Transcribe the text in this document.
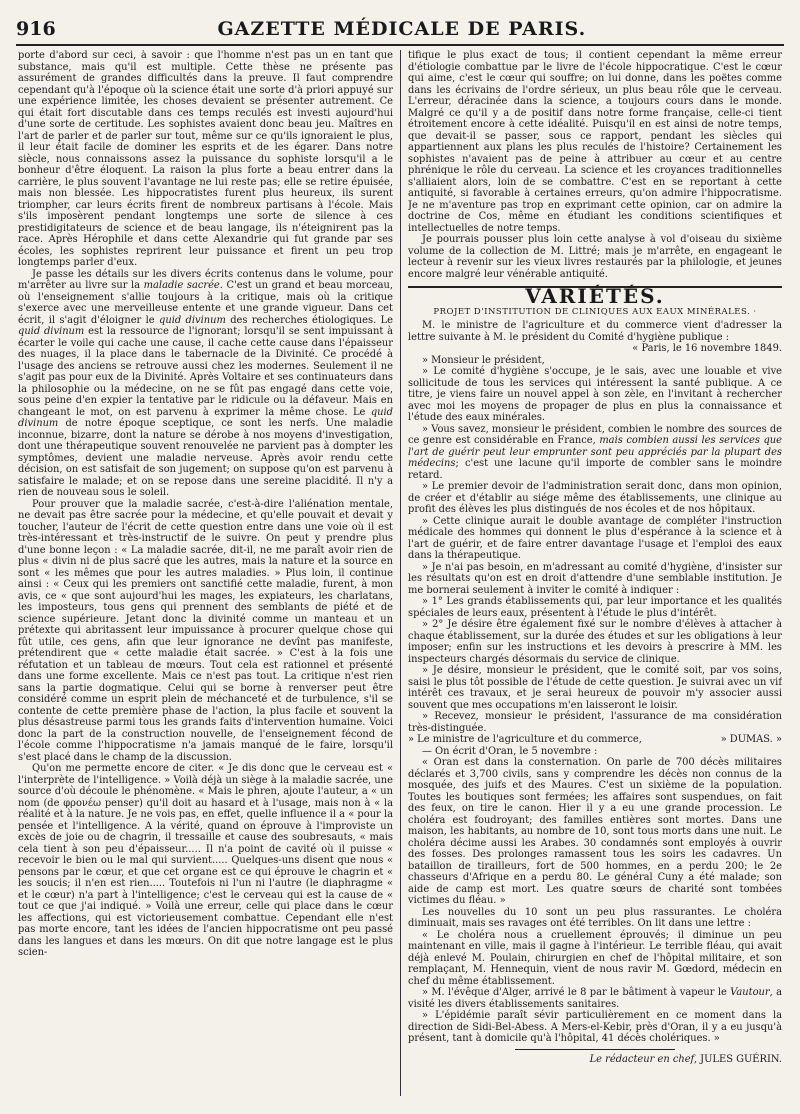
916	GAZETTE MÉDICALE DE PARIS.

porte d'abord sur ceci, à savoir : que l'homme n'est pas un en tant que substance, mais qu'il est multiple. Cette thèse ne présente pas assurément de grandes difficultés dans la preuve. Il faut comprendre cependant qu'à l'époque où la science était une sorte d'à priori appuyé sur une expérience limitée, les choses devaient se présenter autrement. Ce qui était fort discutable dans ces temps reculés est investi aujourd'hui d'une sorte de certitude. Les sophistes avaient donc beau jeu. Maîtres en l'art de parler et de parler sur tout, même sur ce qu'ils ignoraient le plus, il leur était facile de dominer les esprits et de les égarer. Dans notre siècle, nous connaissons assez la puissance du sophiste lorsqu'il a le bonheur d'être éloquent. La raison la plus forte a beau entrer dans la carrière, le plus souvent l'avantage ne lui reste pas; elle se retire épuisée, mais non blessée. Les hippocratistes furent plus heureux, ils surent triompher, car leurs écrits firent de nombreux partisans à l'école. Mais s'ils imposèrent pendant longtemps une sorte de silence à ces prestidigitateurs de science et de beau langage, ils n'éteignirent pas la race. Après Hérophile et dans cette Alexandrie qui fut grande par ses écoles, les sophistes reprirent leur puissance et firent un peu trop longtemps parler d'eux.

Je passe les détails sur les divers écrits contenus dans le volume, pour m'arrêter au livre sur la maladie sacrée. C'est un grand et beau morceau, où l'enseignement s'allie toujours à la critique, mais où la critique s'exerce avec une merveilleuse entente et une grande vigueur. Dans cet écrit, il s'agit d'éloigner le quid divinum des recherches étiologiques. Le quid divinum est la ressource de l'ignorant; lorsqu'il se sent impuissant à écarter le voile qui cache une cause, il cache cette cause dans l'épaisseur des nuages, il la place dans le tabernacle de la Divinité. Ce procédé à l'usage des anciens se retrouve aussi chez les modernes. Seulement il ne s'agit pas pour eux de la Divinité. Après Voltaire et ses continuateurs dans la philosophie ou la médecine, on ne se fût pas engagé dans cette voie, sous peine d'en expier la tentative par le ridicule ou la défaveur. Mais en changeant le mot, on est parvenu à exprimer la même chose. Le quid divinum de notre époque sceptique, ce sont les nerfs. Une maladie inconnue, bizarre, dont la nature se dérobe à nos moyens d'investigation, dont une thérapeutique souvent renouvelée ne parvient pas à dompter les symptômes, devient une maladie nerveuse. Après avoir rendu cette décision, on est satisfait de son jugement; on suppose qu'on est parvenu à satisfaire le malade; et on se repose dans une sereine placidité. Il n'y a rien de nouveau sous le soleil.

Pour prouver que la maladie sacrée, c'est-à-dire l'aliénation mentale, ne devait pas être sacrée pour la médecine, et qu'elle pouvait et devait y toucher, l'auteur de l'écrit de cette question entre dans une voie où il est très-intéressant et très-instructif de le suivre. On peut y prendre plus d'une bonne leçon : « La maladie sacrée, dit-il, ne me paraît avoir rien de plus « divin ni de plus sacré que les autres, mais la nature et la source en sont « les mêmes que pour les autres maladies. » Plus loin, il continue ainsi : « Ceux qui les premiers ont sanctifié cette maladie, furent, à mon avis, ce « que sont aujourd'hui les mages, les expiateurs, les charlatans, les imposteurs, tous gens qui prennent des semblants de piété et de science supérieure. Jetant donc la divinité comme un manteau et un prétexte qui abritassent leur impuissance à procurer quelque chose qui fût utile, ces gens, afin que leur ignorance ne devînt pas manifeste, prétendirent que « cette maladie était sacrée. » C'est à la fois une réfutation et un tableau de mœurs. Tout cela est rationnel et présenté dans une forme excellente. Mais ce n'est pas tout. La critique n'est rien sans la partie dogmatique. Celui qui se borne à renverser peut être considéré comme un esprit plein de méchanceté et de turbulence, s'il se contente de cette première phase de l'action, la plus facile et souvent la plus désastreuse parmi tous les grands faits d'intervention humaine. Voici donc la part de la construction nouvelle, de l'enseignement fécond de l'école comme l'hippocratisme n'a jamais manqué de le faire, lorsqu'il s'est placé dans le champ de la discussion.

Qu'on me permette encore de citer. « Je dis donc que le cerveau est « l'interprète de l'intelligence. » Voilà déjà un siège à la maladie sacrée, une source d'où découle le phénomène. « Mais le phren, ajoute l'auteur, a « un nom (de φρονέω penser) qu'il doit au hasard et à l'usage, mais non à « la réalité et à la nature. Je ne vois pas, en effet, quelle influence il a « pour la pensée et l'intelligence. A la vérité, quand on éprouve à l'improviste un excès de joie ou de chagrin, il tressaille et cause des soubresauts, « mais cela tient à son peu d'épaisseur..... Il n'a point de cavité où il puisse « recevoir le bien ou le mal qui survient..... Quelques-uns disent que nous « pensons par le cœur, et que cet organe est ce qui éprouve le chagrin et « les soucis; il n'en est rien..... Toutefois ni l'un ni l'autre (le diaphragme « et le cœur) n'a part à l'intelligence; c'est le cerveau qui est la cause de « tout ce que j'ai indiqué. » Voilà une erreur, celle qui place dans le cœur les affections, qui est victorieusement combattue. Cependant elle n'est pas morte encore, tant les idées de l'ancien hippocratisme ont peu passé dans les langues et dans les mœurs. On dit que notre langage est le plus scien-

tifique le plus exact de tous; il contient cependant la même erreur d'étiologie combattue par le livre de l'école hippocratique. C'est le cœur qui aime, c'est le cœur qui souffre; on lui donne, dans les poëtes comme dans les écrivains de l'ordre sérieux, un plus beau rôle que le cerveau. L'erreur, déracinée dans la science, a toujours cours dans le monde. Malgré ce qu'il y a de positif dans notre forme française, celle-ci tient étroitement encore à cette idéalité. Puisqu'il en est ainsi de notre temps, que devait-il se passer, sous ce rapport, pendant les siècles qui appartiennent aux plans les plus reculés de l'histoire? Certainement les sophistes n'avaient pas de peine à attribuer au cœur et au centre phrénique le rôle du cerveau. La science et les croyances traditionnelles s'alliaient alors, loin de se combattre. C'est en se reportant à cette antiquité, si favorable à certaines erreurs, qu'on admire l'hippocratisme. Je ne m'aventure pas trop en exprimant cette opinion, car on admire la doctrine de Cos, même en étudiant les conditions scientifiques et intellectuelles de notre temps.

Je pourrais pousser plus loin cette analyse à vol d'oiseau du sixième volume de la collection de M. Littré; mais je m'arrête, en engageant le lecteur à revenir sur les vieux livres restaurés par la philologie, et jeunes encore malgré leur vénérable antiquité.

VARIÉTÉS.
PROJET D'INSTITUTION DE CLINIQUES AUX EAUX MINÉRALES. ·

M. le ministre de l'agriculture et du commerce vient d'adresser la lettre suivante à M. le président du Comité d'hygiène publique :

« Paris, le 16 novembre 1849.

» Monsieur le président,

» Le comité d'hygiène s'occupe, je le sais, avec une louable et vive sollicitude de tous les services qui intéressent la santé publique. A ce titre, je viens faire un nouvel appel à son zèle, en l'invitant à rechercher avec moi les moyens de propager de plus en plus la connaissance et l'étude des eaux minérales.

» Vous savez, monsieur le président, combien le nombre des sources de ce genre est considérable en France, mais combien aussi les services que l'art de guérir peut leur emprunter sont peu appréciés par la plupart des médecins; c'est une lacune qu'il importe de combler sans le moindre retard.

» Le premier devoir de l'administration serait donc, dans mon opinion, de créer et d'établir au siége même des établissements, une clinique au profit des élèves les plus distingués de nos écoles et de nos hôpitaux.

» Cette clinique aurait le double avantage de compléter l'instruction médicale des hommes qui donnent le plus d'espérance à la science et à l'art de guérir, et de faire entrer davantage l'usage et l'emploi des eaux dans la thérapeutique.

» Je n'ai pas besoin, en m'adressant au comité d'hygiène, d'insister sur les résultats qu'on est en droit d'attendre d'une semblable institution. Je me bornerai seulement à inviter le comité à indiquer :

» 1° Les grands établissements qui, par leur importance et les qualités spéciales de leurs eaux, présentent à l'étude le plus d'intérêt.

» 2° Je désire être également fixé sur le nombre d'élèves à attacher à chaque établissement, sur la durée des études et sur les obligations à leur imposer; enfin sur les instructions et les devoirs à prescrire à MM. les inspecteurs chargés désormais du service de clinique.

» Je désire, monsieur le président, que le comité soit, par vos soins, saisi le plus tôt possible de l'étude de cette question. Je suivrai avec un vif intérêt ces travaux, et je serai heureux de pouvoir m'y associer aussi souvent que mes occupations m'en laisseront le loisir.

» Recevez, monsieur le président, l'assurance de ma considération très-distinguée.

» Le ministre de l'agriculture et du commerce,	» DUMAS. »

— On écrit d'Oran, le 5 novembre :

« Oran est dans la consternation. On parle de 700 décès militaires déclarés et 3,700 civils, sans y comprendre les décès non connus de la mosquée, des juifs et des Maures. C'est un sixième de la population. Toutes les boutiques sont fermées; les affaires sont suspendues, on fait des feux, on tire le canon. Hier il y a eu une grande procession. Le choléra est foudroyant; des familles entières sont mortes. Dans une maison, les habitants, au nombre de 10, sont tous morts dans une nuit. Le choléra décime aussi les Arabes. 30 condamnés sont employés à ouvrir des fosses. Des prolonges ramassent tous les soirs les cadavres. Un bataillon de tirailleurs, fort de 500 hommes, en a perdu 200; le 2e chasseurs d'Afrique en a perdu 80. Le général Cuny a été malade; son aide de camp est mort. Les quatre sœurs de charité sont tombées victimes du fléau. »

Les nouvelles du 10 sont un peu plus rassurantes. Le choléra diminuait, mais ses ravages ont été terribles. On lit dans une lettre :

« Le choléra nous a cruellement éprouvés; il diminue un peu maintenant en ville, mais il gagne à l'intérieur. Le terrible fléau, qui avait déjà enlevé M. Poulain, chirurgien en chef de l'hôpital militaire, et son remplaçant, M. Hennequin, vient de nous ravir M. Gœdord, médecin en chef du même établissement.

» M. l'évêque d'Alger, arrivé le 8 par le bâtiment à vapeur le Vautour, a visité les divers établissements sanitaires.

» L'épidémie paraît sévir particulièrement en ce moment dans la direction de Sidi-Bel-Abess. A Mers-el-Kebir, près d'Oran, il y a eu jusqu'à présent, tant à domicile qu'à l'hôpital, 41 décès cholériques. »

Le rédacteur en chef, JULES GUÉRIN.
